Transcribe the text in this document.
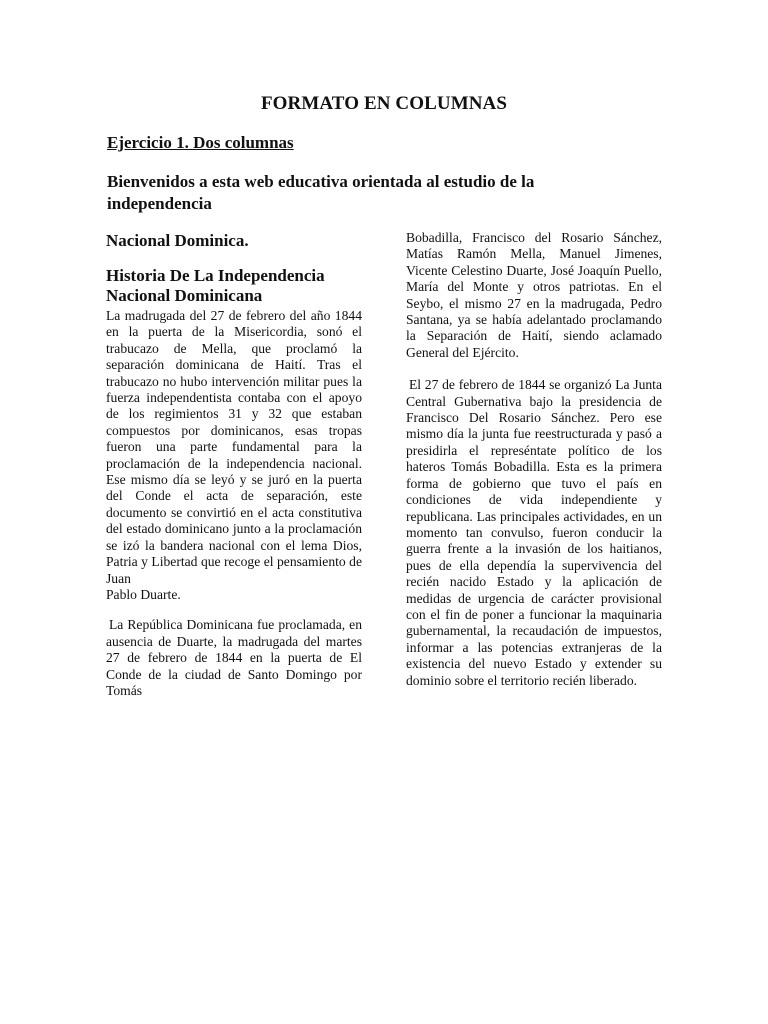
FORMATO EN COLUMNAS
Ejercicio 1. Dos columnas
Bienvenidos a esta web educativa orientada al estudio de la independencia
Nacional Dominica.
Historia De La Independencia Nacional Dominicana

La madrugada del 27 de febrero del año 1844 en la puerta de la Misericordia, sonó el trabucazo de Mella, que proclamó la separación dominicana de Haití. Tras el trabucazo no hubo intervención militar pues la fuerza independentista contaba con el apoyo de los regimientos 31 y 32 que estaban compuestos por dominicanos, esas tropas fueron una parte fundamental para la proclamación de la independencia nacional. Ese mismo día se leyó y se juró en la puerta del Conde el acta de separación, este documento se convirtió en el acta constitutiva del estado dominicano junto a la proclamación se izó la bandera nacional con el lema Dios, Patria y Libertad que recoge el pensamiento de Juan

Pablo Duarte.

La República Dominicana fue proclamada, en ausencia de Duarte, la madrugada del martes 27 de febrero de 1844 en la puerta de El Conde de la ciudad de Santo Domingo por Tomás

Bobadilla, Francisco del Rosario Sánchez, Matías Ramón Mella, Manuel Jimenes, Vicente Celestino Duarte, José Joaquín Puello, María del Monte y otros patriotas. En el Seybo, el mismo 27 en la madrugada, Pedro Santana, ya se había adelantado proclamando la Separación de Haití, siendo aclamado General del Ejército.

El 27 de febrero de 1844 se organizó La Junta Central Gubernativa bajo la presidencia de Francisco Del Rosario Sánchez. Pero ese mismo día la junta fue reestructurada y pasó a presidirla el represéntate político de los hateros Tomás Bobadilla. Esta es la primera forma de gobierno que tuvo el país en condiciones de vida independiente y republicana. Las principales actividades, en un momento tan convulso, fueron conducir la guerra frente a la invasión de los haitianos, pues de ella dependía la supervivencia del recién nacido Estado y la aplicación de medidas de urgencia de carácter provisional con el fin de poner a funcionar la maquinaria gubernamental, la recaudación de impuestos, informar a las potencias extranjeras de la existencia del nuevo Estado y extender su dominio sobre el territorio recién liberado.
